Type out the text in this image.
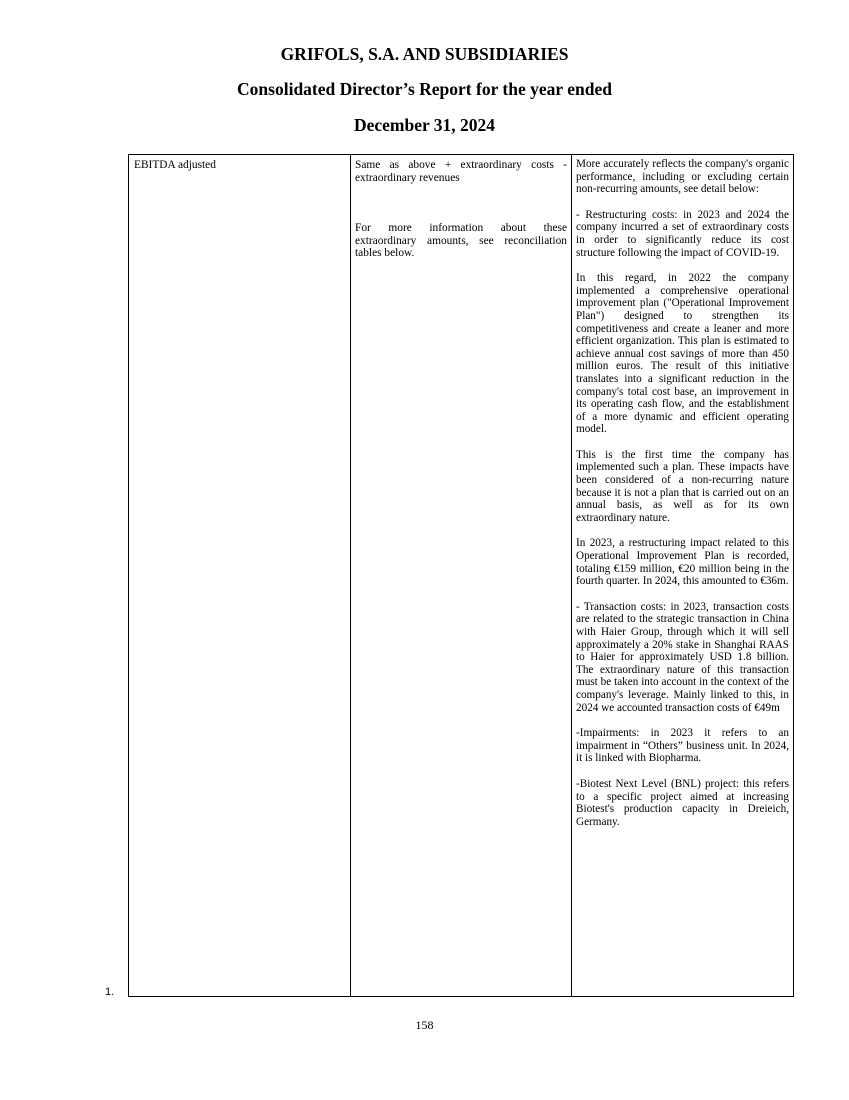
GRIFOLS, S.A. AND SUBSIDIARIES
Consolidated Director’s Report for the year ended
December 31, 2024

EBITDA adjusted	Same as above + extraordinary costs - extraordinary revenues

For more information about these extraordinary amounts, see reconciliation tables below.

More accurately reflects the company's organic performance, including or excluding certain non-recurring amounts, see detail below:

- Restructuring costs: in 2023 and 2024 the company incurred a set of extraordinary costs in order to significantly reduce its cost structure following the impact of COVID-19.

In this regard, in 2022 the company implemented a comprehensive operational improvement plan ("Operational Improvement Plan") designed to strengthen its competitiveness and create a leaner and more efficient organization. This plan is estimated to achieve annual cost savings of more than 450 million euros. The result of this initiative translates into a significant reduction in the company's total cost base, an improvement in its operating cash flow, and the establishment of a more dynamic and efficient operating model.

This is the first time the company has implemented such a plan. These impacts have been considered of a non-recurring nature because it is not a plan that is carried out on an annual basis, as well as for its own extraordinary nature.

In 2023, a restructuring impact related to this Operational Improvement Plan is recorded, totaling €159 million, €20 million being in the fourth quarter. In 2024, this amounted to €36m.

- Transaction costs: in 2023, transaction costs are related to the strategic transaction in China with Haier Group, through which it will sell approximately a 20% stake in Shanghai RAAS to Haier for approximately USD 1.8 billion. The extraordinary nature of this transaction must be taken into account in the context of the company's leverage. Mainly linked to this, in 2024 we accounted transaction costs of €49m

-Impairments: in 2023 it refers to an impairment in “Others” business unit. In 2024, it is linked with Biopharma.

-Biotest Next Level (BNL) project: this refers to a specific project aimed at increasing Biotest's production capacity in Dreieich, Germany.

1.
158
